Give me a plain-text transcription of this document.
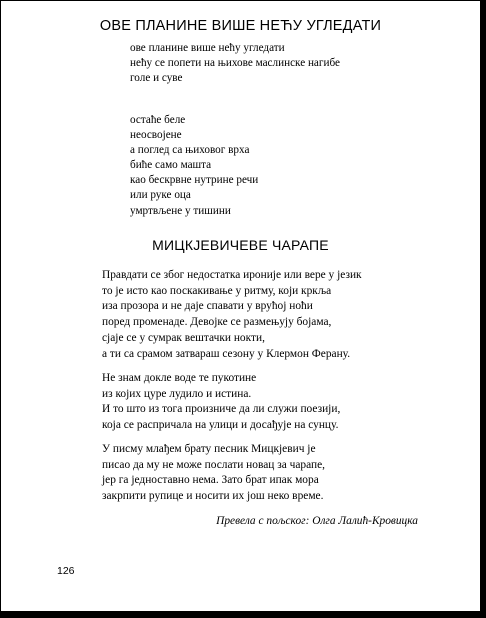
ОВЕ ПЛАНИНЕ ВИШЕ НЕЋУ УГЛЕДАТИ
ове планине више нећу угледати
нећу се попети на њихове маслинске нагибе
голе и суве
остаће беле
неосвојене
а поглед са њиховог врха
биће само машта
као бескрвне нутрине речи
или руке оца
умртвљене у тишини
МИЦКЈЕВИЧЕВЕ ЧАРАПЕ
Правдати се због недостатка ироније или вере у језик
то је исто као поскакивање у ритму, који кркља
иза прозора и не даје спавати у врућој ноћи
поред променаде. Девојке се размењују бојама,
сјаје се у сумрак вештачки нокти,
а ти са срамом затвараш сезону у Клермон Ферану.
Не знам докле воде те пукотине
из којих цуре лудило и истина.
И то што из тога произниче да ли служи поезији,
која се распричала на улици и досађује на сунцу.
У писму млађем брату песник Мицкјевич је
писао да му не може послати новац за чарапе,
јер га једноставно нема. Зато брат ипак мора
закрпити рупице и носити их још неко време.
Превела с пољског: Олга Лалић-Кровицка
126
